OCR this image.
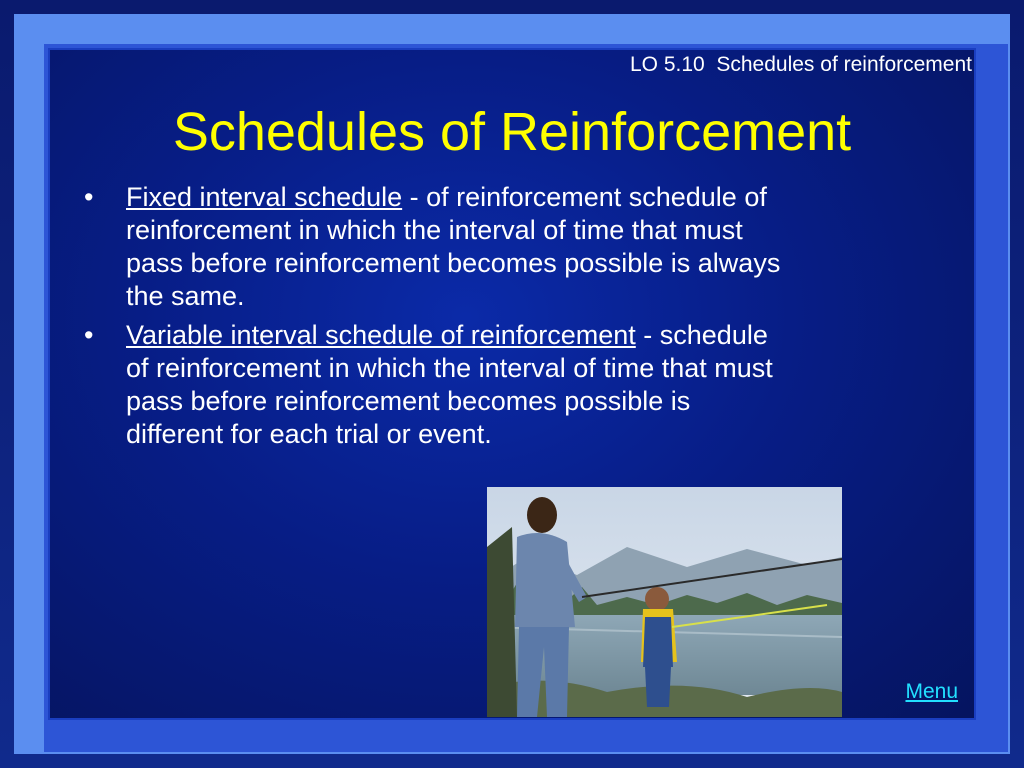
LO 5.10  Schedules of reinforcement
Schedules of Reinforcement
• Fixed interval schedule - of reinforcement schedule of reinforcement in which the interval of time that must pass before reinforcement becomes possible is always the same.
• Variable interval schedule of reinforcement - schedule of reinforcement in which the interval of time that must pass before reinforcement becomes possible is different for each trial or event.
Menu
